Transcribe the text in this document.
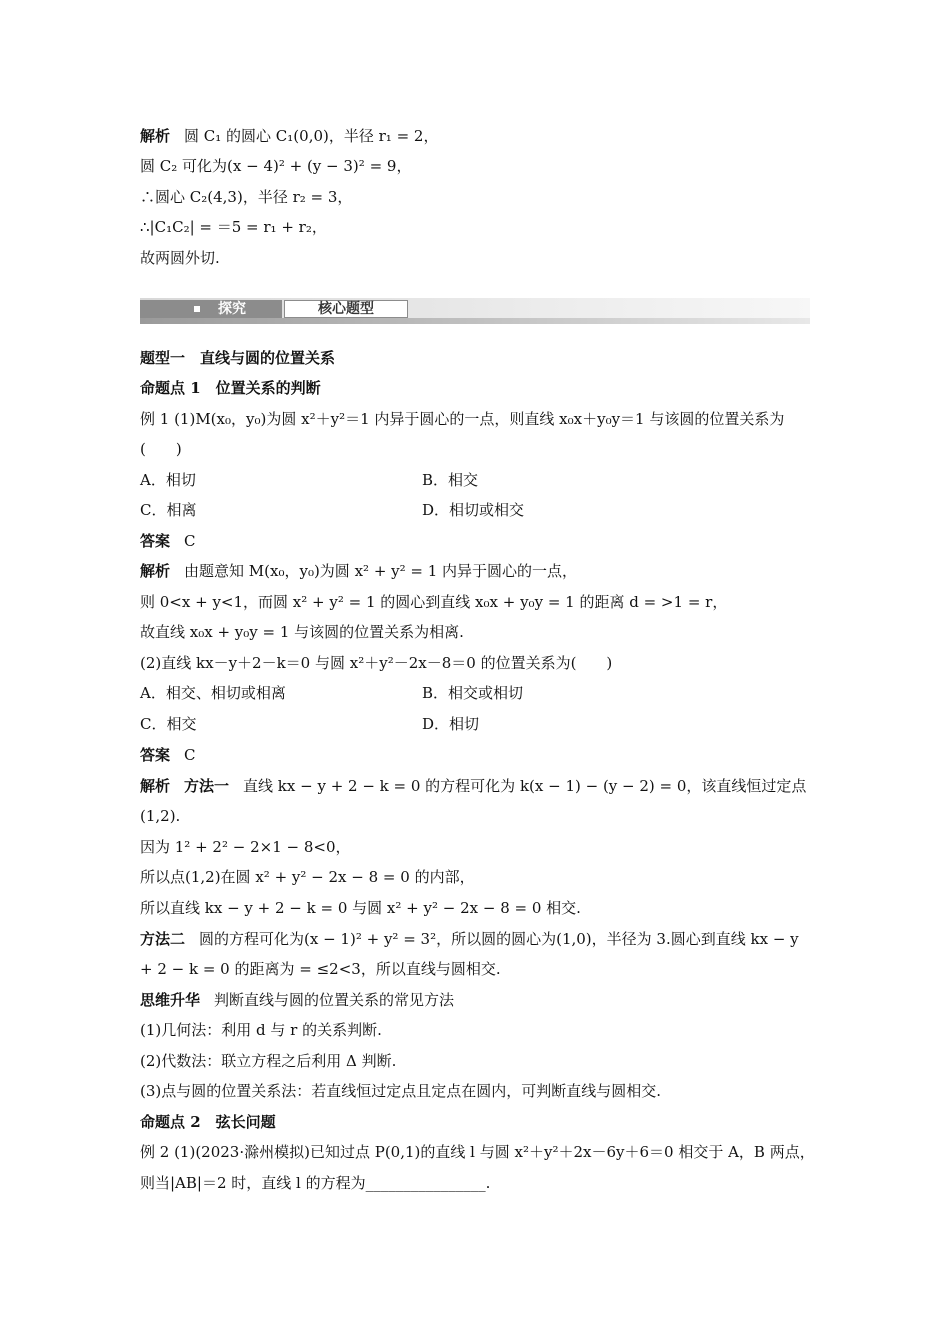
解析 圆 C₁ 的圆心 C₁(0,0)，半径 r₁ = 2，
圆 C₂ 可化为(x − 4)² + (y − 3)² = 9，
∴圆心 C₂(4,3)，半径 r₂ = 3，
∴|C₁C₂| = ＝5 = r₁ + r₂，
故两圆外切.
探究	核心题型
题型一　直线与圆的位置关系
命题点 1　位置关系的判断
例 1 (1)M(x₀，y₀)为圆 x²＋y²＝1 内异于圆心的一点，则直线 x₀x＋y₀y＝1 与该圆的位置关系为
(　　)
A．相切	B．相交
C．相离	D．相切或相交
答案 C
解析 由题意知 M(x₀，y₀)为圆 x² + y² = 1 内异于圆心的一点，
则 0<x + y<1，而圆 x² + y² = 1 的圆心到直线 x₀x + y₀y = 1 的距离 d = >1 = r，
故直线 x₀x + y₀y = 1 与该圆的位置关系为相离.
(2)直线 kx－y＋2－k＝0 与圆 x²＋y²－2x－8＝0 的位置关系为(　　)
A．相交、相切或相离	B．相交或相切
C．相交	D．相切
答案 C
解析 方法一 直线 kx − y + 2 − k = 0 的方程可化为 k(x − 1) − (y − 2) = 0，该直线恒过定点
(1,2).
因为 1² + 2² − 2×1 − 8<0，
所以点(1,2)在圆 x² + y² − 2x − 8 = 0 的内部，
所以直线 kx − y + 2 − k = 0 与圆 x² + y² − 2x − 8 = 0 相交.
方法二 圆的方程可化为(x − 1)² + y² = 3²，所以圆的圆心为(1,0)，半径为 3.圆心到直线 kx − y
+ 2 − k = 0 的距离为 = ≤2<3，所以直线与圆相交.
思维升华 判断直线与圆的位置关系的常见方法
(1)几何法：利用 d 与 r 的关系判断.
(2)代数法：联立方程之后利用 Δ 判断.
(3)点与圆的位置关系法：若直线恒过定点且定点在圆内，可判断直线与圆相交.
命题点 2　弦长问题
例 2 (1)(2023·滁州模拟)已知过点 P(0,1)的直线 l 与圆 x²＋y²＋2x－6y＋6＝0 相交于 A，B 两点，
则当|AB|＝2 时，直线 l 的方程为________________.
